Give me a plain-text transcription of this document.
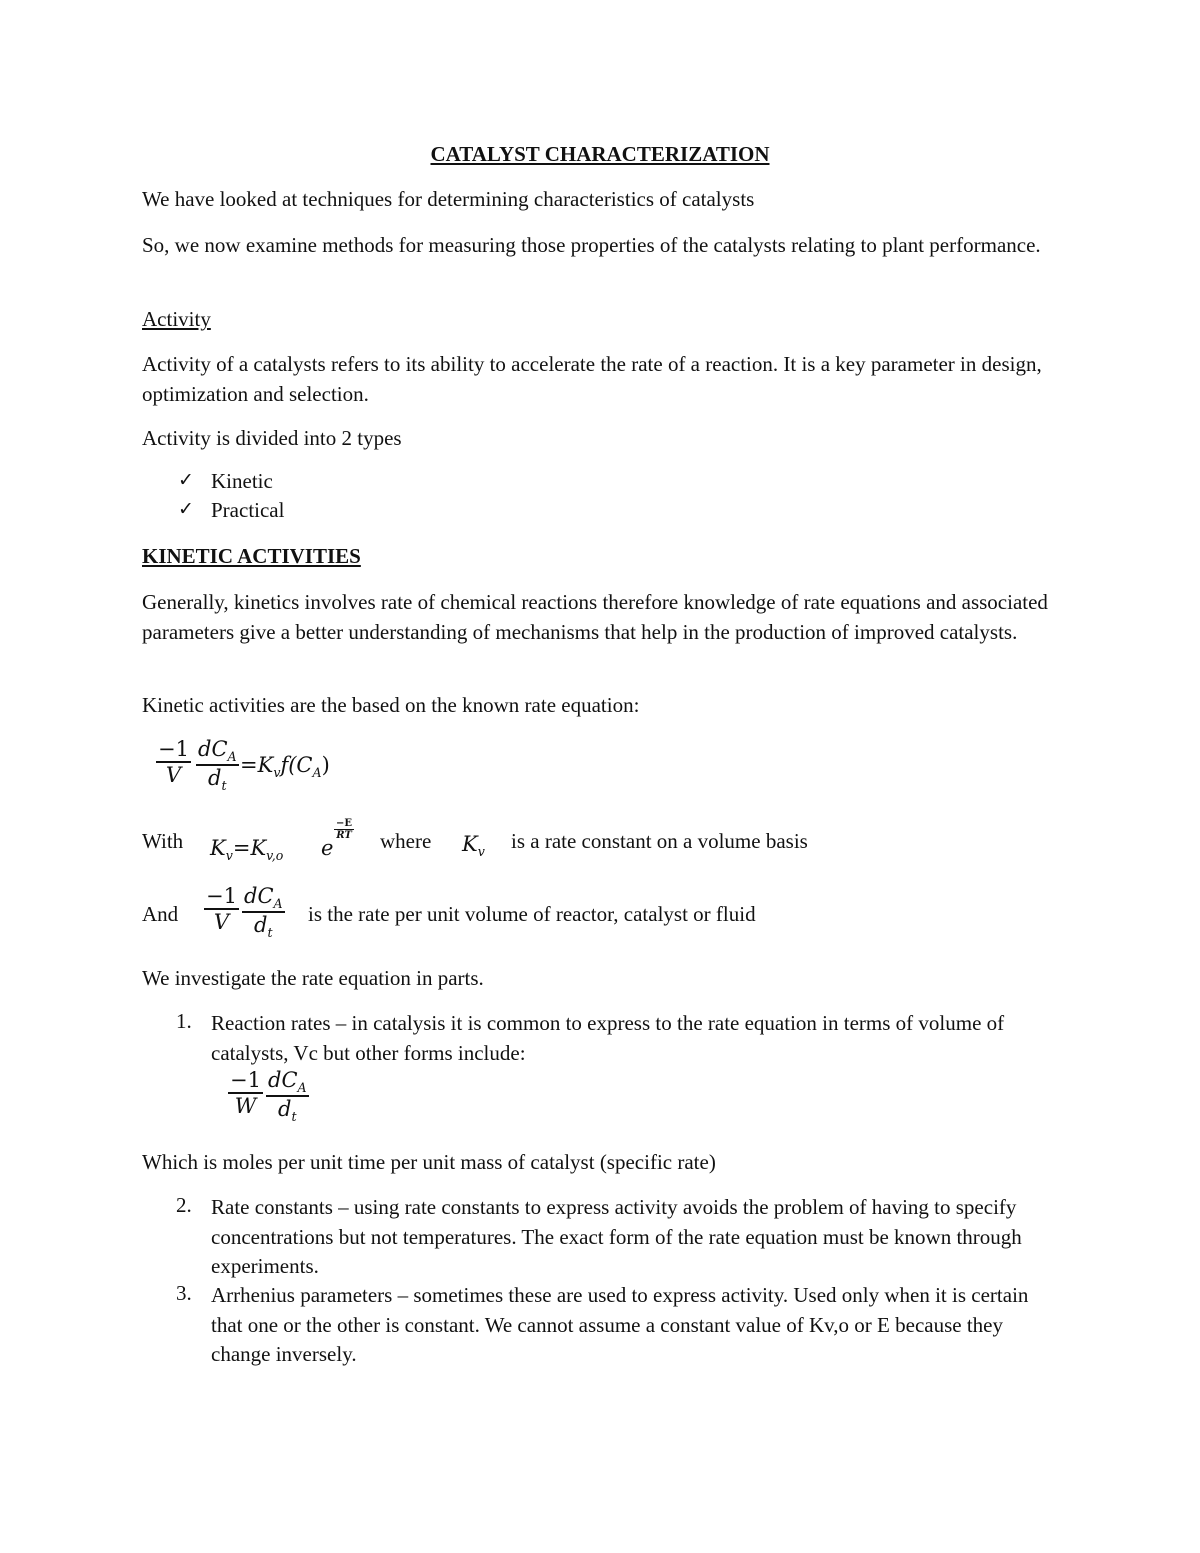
CATALYST CHARACTERIZATION
We have looked at techniques for determining characteristics of catalysts
So, we now examine methods for measuring those properties of the catalysts relating to plant performance.
Activity
Activity of a catalysts refers to its ability to accelerate the rate of a reaction. It is a key parameter in design, optimization and selection.
Activity is divided into 2 types
✓ Kinetic
✓ Practical
KINETIC ACTIVITIES
Generally, kinetics involves rate of chemical reactions therefore knowledge of rate equations and associated parameters give a better understanding of mechanisms that help in the production of improved catalysts.
Kinetic activities are the based on the known rate equation:
$\frac{-1}{V} dC_A$
$d_t$
$=K_vf(C_A)$
With $K_v=K_{v,o}$ e
$\frac{-E}{RT}$ where $K_v$ is a rate constant on a volume basis
And $\frac{-1}{V} dC_A$
$d_t$
is the rate per unit volume of reactor, catalyst or fluid
We investigate the rate equation in parts.
1. Reaction rates – in catalysis it is common to express to the rate equation in terms of volume of catalysts, Vc but other forms include:
$\frac{-1}{W} dC_A$
$d_t$
Which is moles per unit time per unit mass of catalyst (specific rate)
2. Rate constants – using rate constants to express activity avoids the problem of having to specify concentrations but not temperatures. The exact form of the rate equation must be known through experiments.
3. Arrhenius parameters – sometimes these are used to express activity. Used only when it is certain that one or the other is constant. We cannot assume a constant value of Kv,o or E because they change inversely.
